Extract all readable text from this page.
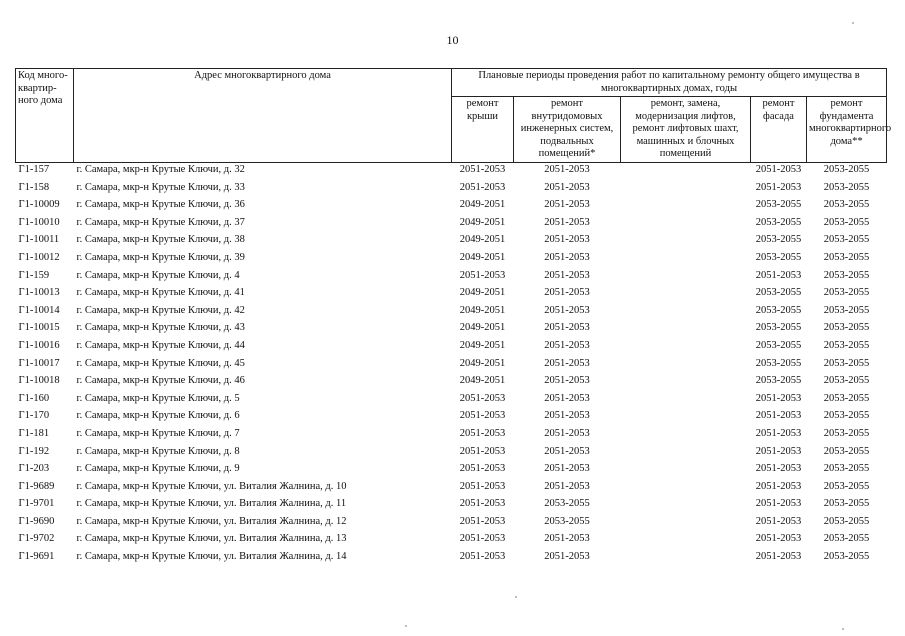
10
Код много-квартир-ного дома	Адрес многоквартирного дома	Плановые периоды проведения работ по капитальному ремонту общего имущества в многоквартирных домах, годы				
		ремонт крыши	ремонт внутридомовых инженерных систем, подвальных помещений*	ремонт, замена, модернизация лифтов, ремонт лифтовых шахт, машинных и блочных помещений	ремонт фасада	ремонт фундамента многоквартирного дома**
Г1-157	г. Самара, мкр-н Крутые Ключи, д. 32	2051-2053	2051-2053		2051-2053	2053-2055
Г1-158	г. Самара, мкр-н Крутые Ключи, д. 33	2051-2053	2051-2053		2051-2053	2053-2055
Г1-10009	г. Самара, мкр-н Крутые Ключи, д. 36	2049-2051	2051-2053		2053-2055	2053-2055
Г1-10010	г. Самара, мкр-н Крутые Ключи, д. 37	2049-2051	2051-2053		2053-2055	2053-2055
Г1-10011	г. Самара, мкр-н Крутые Ключи, д. 38	2049-2051	2051-2053		2053-2055	2053-2055
Г1-10012	г. Самара, мкр-н Крутые Ключи, д. 39	2049-2051	2051-2053		2053-2055	2053-2055
Г1-159	г. Самара, мкр-н Крутые Ключи, д. 4	2051-2053	2051-2053		2051-2053	2053-2055
Г1-10013	г. Самара, мкр-н Крутые Ключи, д. 41	2049-2051	2051-2053		2053-2055	2053-2055
Г1-10014	г. Самара, мкр-н Крутые Ключи, д. 42	2049-2051	2051-2053		2053-2055	2053-2055
Г1-10015	г. Самара, мкр-н Крутые Ключи, д. 43	2049-2051	2051-2053		2053-2055	2053-2055
Г1-10016	г. Самара, мкр-н Крутые Ключи, д. 44	2049-2051	2051-2053		2053-2055	2053-2055
Г1-10017	г. Самара, мкр-н Крутые Ключи, д. 45	2049-2051	2051-2053		2053-2055	2053-2055
Г1-10018	г. Самара, мкр-н Крутые Ключи, д. 46	2049-2051	2051-2053		2053-2055	2053-2055
Г1-160	г. Самара, мкр-н Крутые Ключи, д. 5	2051-2053	2051-2053		2051-2053	2053-2055
Г1-170	г. Самара, мкр-н Крутые Ключи, д. 6	2051-2053	2051-2053		2051-2053	2053-2055
Г1-181	г. Самара, мкр-н Крутые Ключи, д. 7	2051-2053	2051-2053		2051-2053	2053-2055
Г1-192	г. Самара, мкр-н Крутые Ключи, д. 8	2051-2053	2051-2053		2051-2053	2053-2055
Г1-203	г. Самара, мкр-н Крутые Ключи, д. 9	2051-2053	2051-2053		2051-2053	2053-2055
Г1-9689	г. Самара, мкр-н Крутые Ключи, ул. Виталия Жалнина, д. 10	2051-2053	2051-2053		2051-2053	2053-2055
Г1-9701	г. Самара, мкр-н Крутые Ключи, ул. Виталия Жалнина, д. 11	2051-2053	2053-2055		2051-2053	2053-2055
Г1-9690	г. Самара, мкр-н Крутые Ключи, ул. Виталия Жалнина, д. 12	2051-2053	2053-2055		2051-2053	2053-2055
Г1-9702	г. Самара, мкр-н Крутые Ключи, ул. Виталия Жалнина, д. 13	2051-2053	2051-2053		2051-2053	2053-2055
Г1-9691	г. Самара, мкр-н Крутые Ключи, ул. Виталия Жалнина, д. 14	2051-2053	2051-2053		2051-2053	2053-2055
